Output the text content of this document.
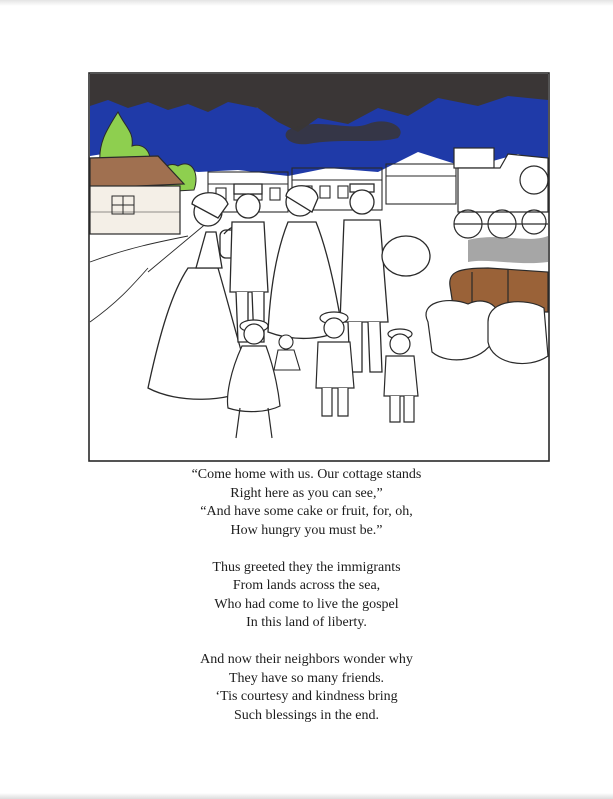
“Come home with us. Our cottage stands
Right here as you can see,”
“And have some cake or fruit, for, oh,
How hungry you must be.”
Thus greeted they the immigrants
From lands across the sea,
Who had come to live the gospel
In this land of liberty.
And now their neighbors wonder why
They have so many friends.
‘Tis courtesy and kindness bring
Such blessings in the end.
